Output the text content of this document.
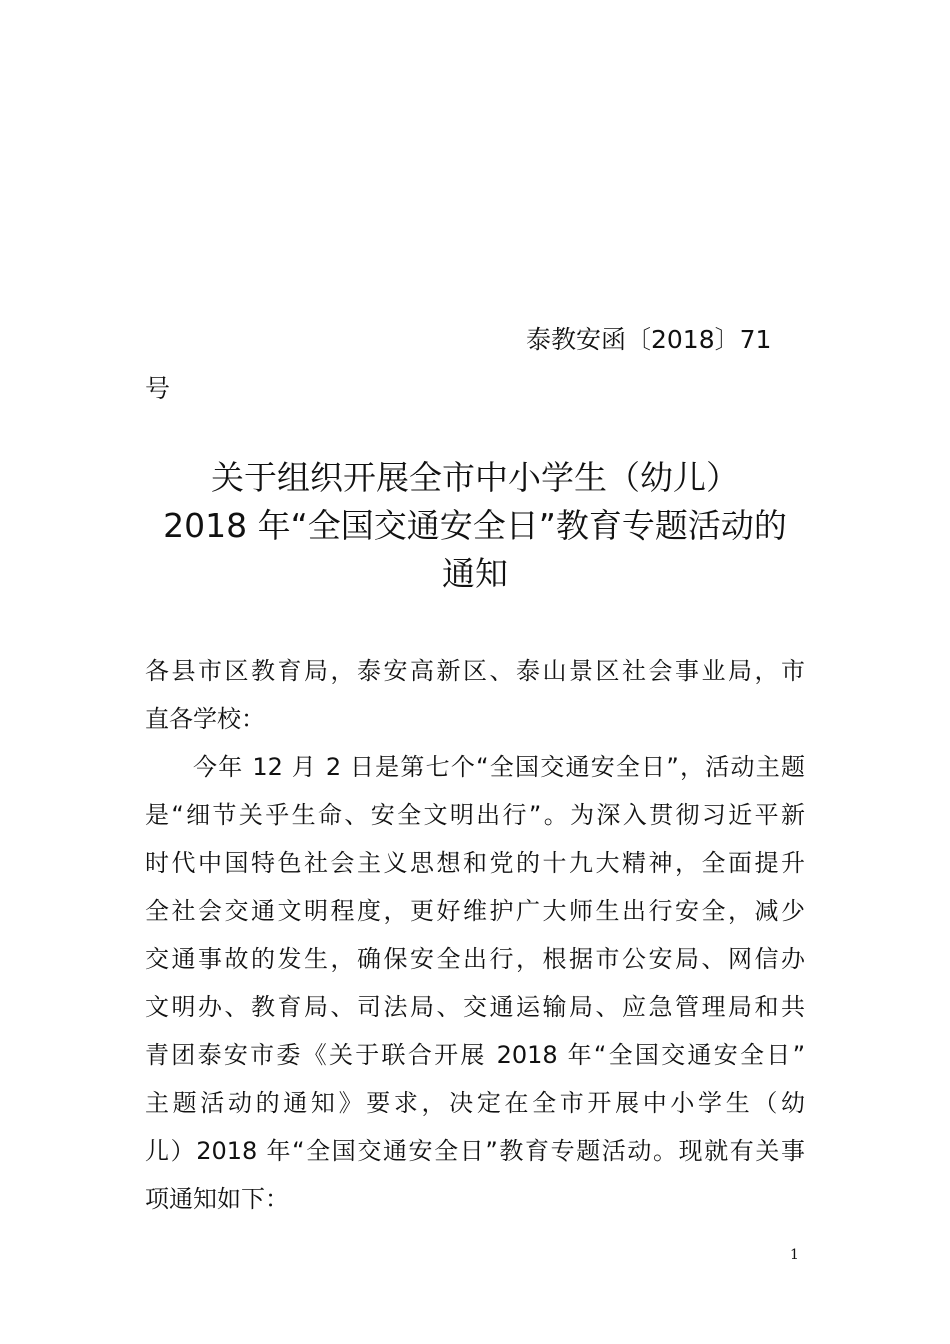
泰教安函〔2018〕71
号
关于组织开展全市中小学生（幼儿）
2018 年“全国交通安全日”教育专题活动的
通知
各县市区教育局，泰安高新区、泰山景区社会事业局，市
直各学校：
今年 12 月 2 日是第七个“全国交通安全日”，活动主题
是“细节关乎生命、安全文明出行”。为深入贯彻习近平新
时代中国特色社会主义思想和党的十九大精神，全面提升
全社会交通文明程度，更好维护广大师生出行安全，减少
交通事故的发生，确保安全出行，根据市公安局、网信办
文明办、教育局、司法局、交通运输局、应急管理局和共
青团泰安市委《关于联合开展 2018 年“全国交通安全日”
主题活动的通知》要求，决定在全市开展中小学生（幼
儿）2018 年“全国交通安全日”教育专题活动。现就有关事
项通知如下：
1
